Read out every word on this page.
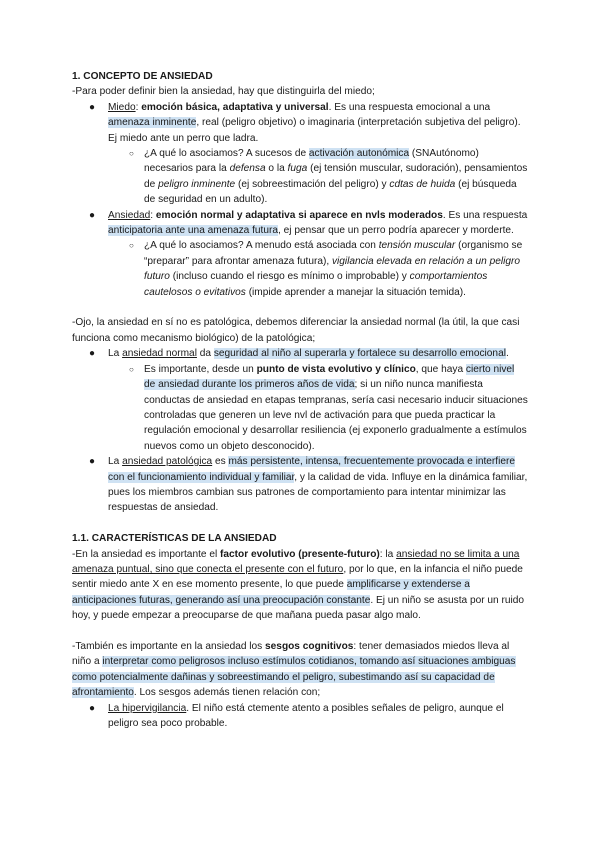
1. CONCEPTO DE ANSIEDAD

-Para poder definir bien la ansiedad, hay que distinguirla del miedo;

● Miedo: emoción básica, adaptativa y universal. Es una respuesta emocional a una amenaza inminente, real (peligro objetivo) o imaginaria (interpretación subjetiva del peligro). Ej miedo ante un perro que ladra.
○ ¿A qué lo asociamos? A sucesos de activación autonómica (SNAutónomo) necesarios para la defensa o la fuga (ej tensión muscular, sudoración), pensamientos de peligro inminente (ej sobreestimación del peligro) y cdtas de huida (ej búsqueda de seguridad en un adulto).
● Ansiedad: emoción normal y adaptativa si aparece en nvls moderados. Es una respuesta anticipatoria ante una amenaza futura, ej pensar que un perro podría aparecer y morderte.
○ ¿A qué lo asociamos? A menudo está asociada con tensión muscular (organismo se “preparar” para afrontar amenaza futura), vigilancia elevada en relación a un peligro futuro (incluso cuando el riesgo es mínimo o improbable) y comportamientos cautelosos o evitativos (impide aprender a manejar la situación temida).

-Ojo, la ansiedad en sí no es patológica, debemos diferenciar la ansiedad normal (la útil, la que casi funciona como mecanismo biológico) de la patológica;

● La ansiedad normal da seguridad al niño al superarla y fortalece su desarrollo emocional.
○ Es importante, desde un punto de vista evolutivo y clínico, que haya cierto nivel de ansiedad durante los primeros años de vida; si un niño nunca manifiesta conductas de ansiedad en etapas tempranas, sería casi necesario inducir situaciones controladas que generen un leve nvl de activación para que pueda practicar la regulación emocional y desarrollar resiliencia (ej exponerlo gradualmente a estímulos nuevos como un objeto desconocido).
● La ansiedad patológica es más persistente, intensa, frecuentemente provocada e interfiere con el funcionamiento individual y familiar, y la calidad de vida. Influye en la dinámica familiar, pues los miembros cambian sus patrones de comportamiento para intentar minimizar las respuestas de ansiedad.
1.1. CARACTERÍSTICAS DE LA ANSIEDAD

-En la ansiedad es importante el factor evolutivo (presente-futuro): la ansiedad no se limita a una amenaza puntual, sino que conecta el presente con el futuro, por lo que, en la infancia el niño puede sentir miedo ante X en ese momento presente, lo que puede amplificarse y extenderse a anticipaciones futuras, generando así una preocupación constante. Ej un niño se asusta por un ruido hoy, y puede empezar a preocuparse de que mañana pueda pasar algo malo.

-También es importante en la ansiedad los sesgos cognitivos: tener demasiados miedos lleva al niño a interpretar como peligrosos incluso estímulos cotidianos, tomando así situaciones ambiguas como potencialmente dañinas y sobreestimando el peligro, subestimando así su capacidad de afrontamiento. Los sesgos además tienen relación con;

● La hipervigilancia. El niño está ctemente atento a posibles señales de peligro, aunque el peligro sea poco probable.
